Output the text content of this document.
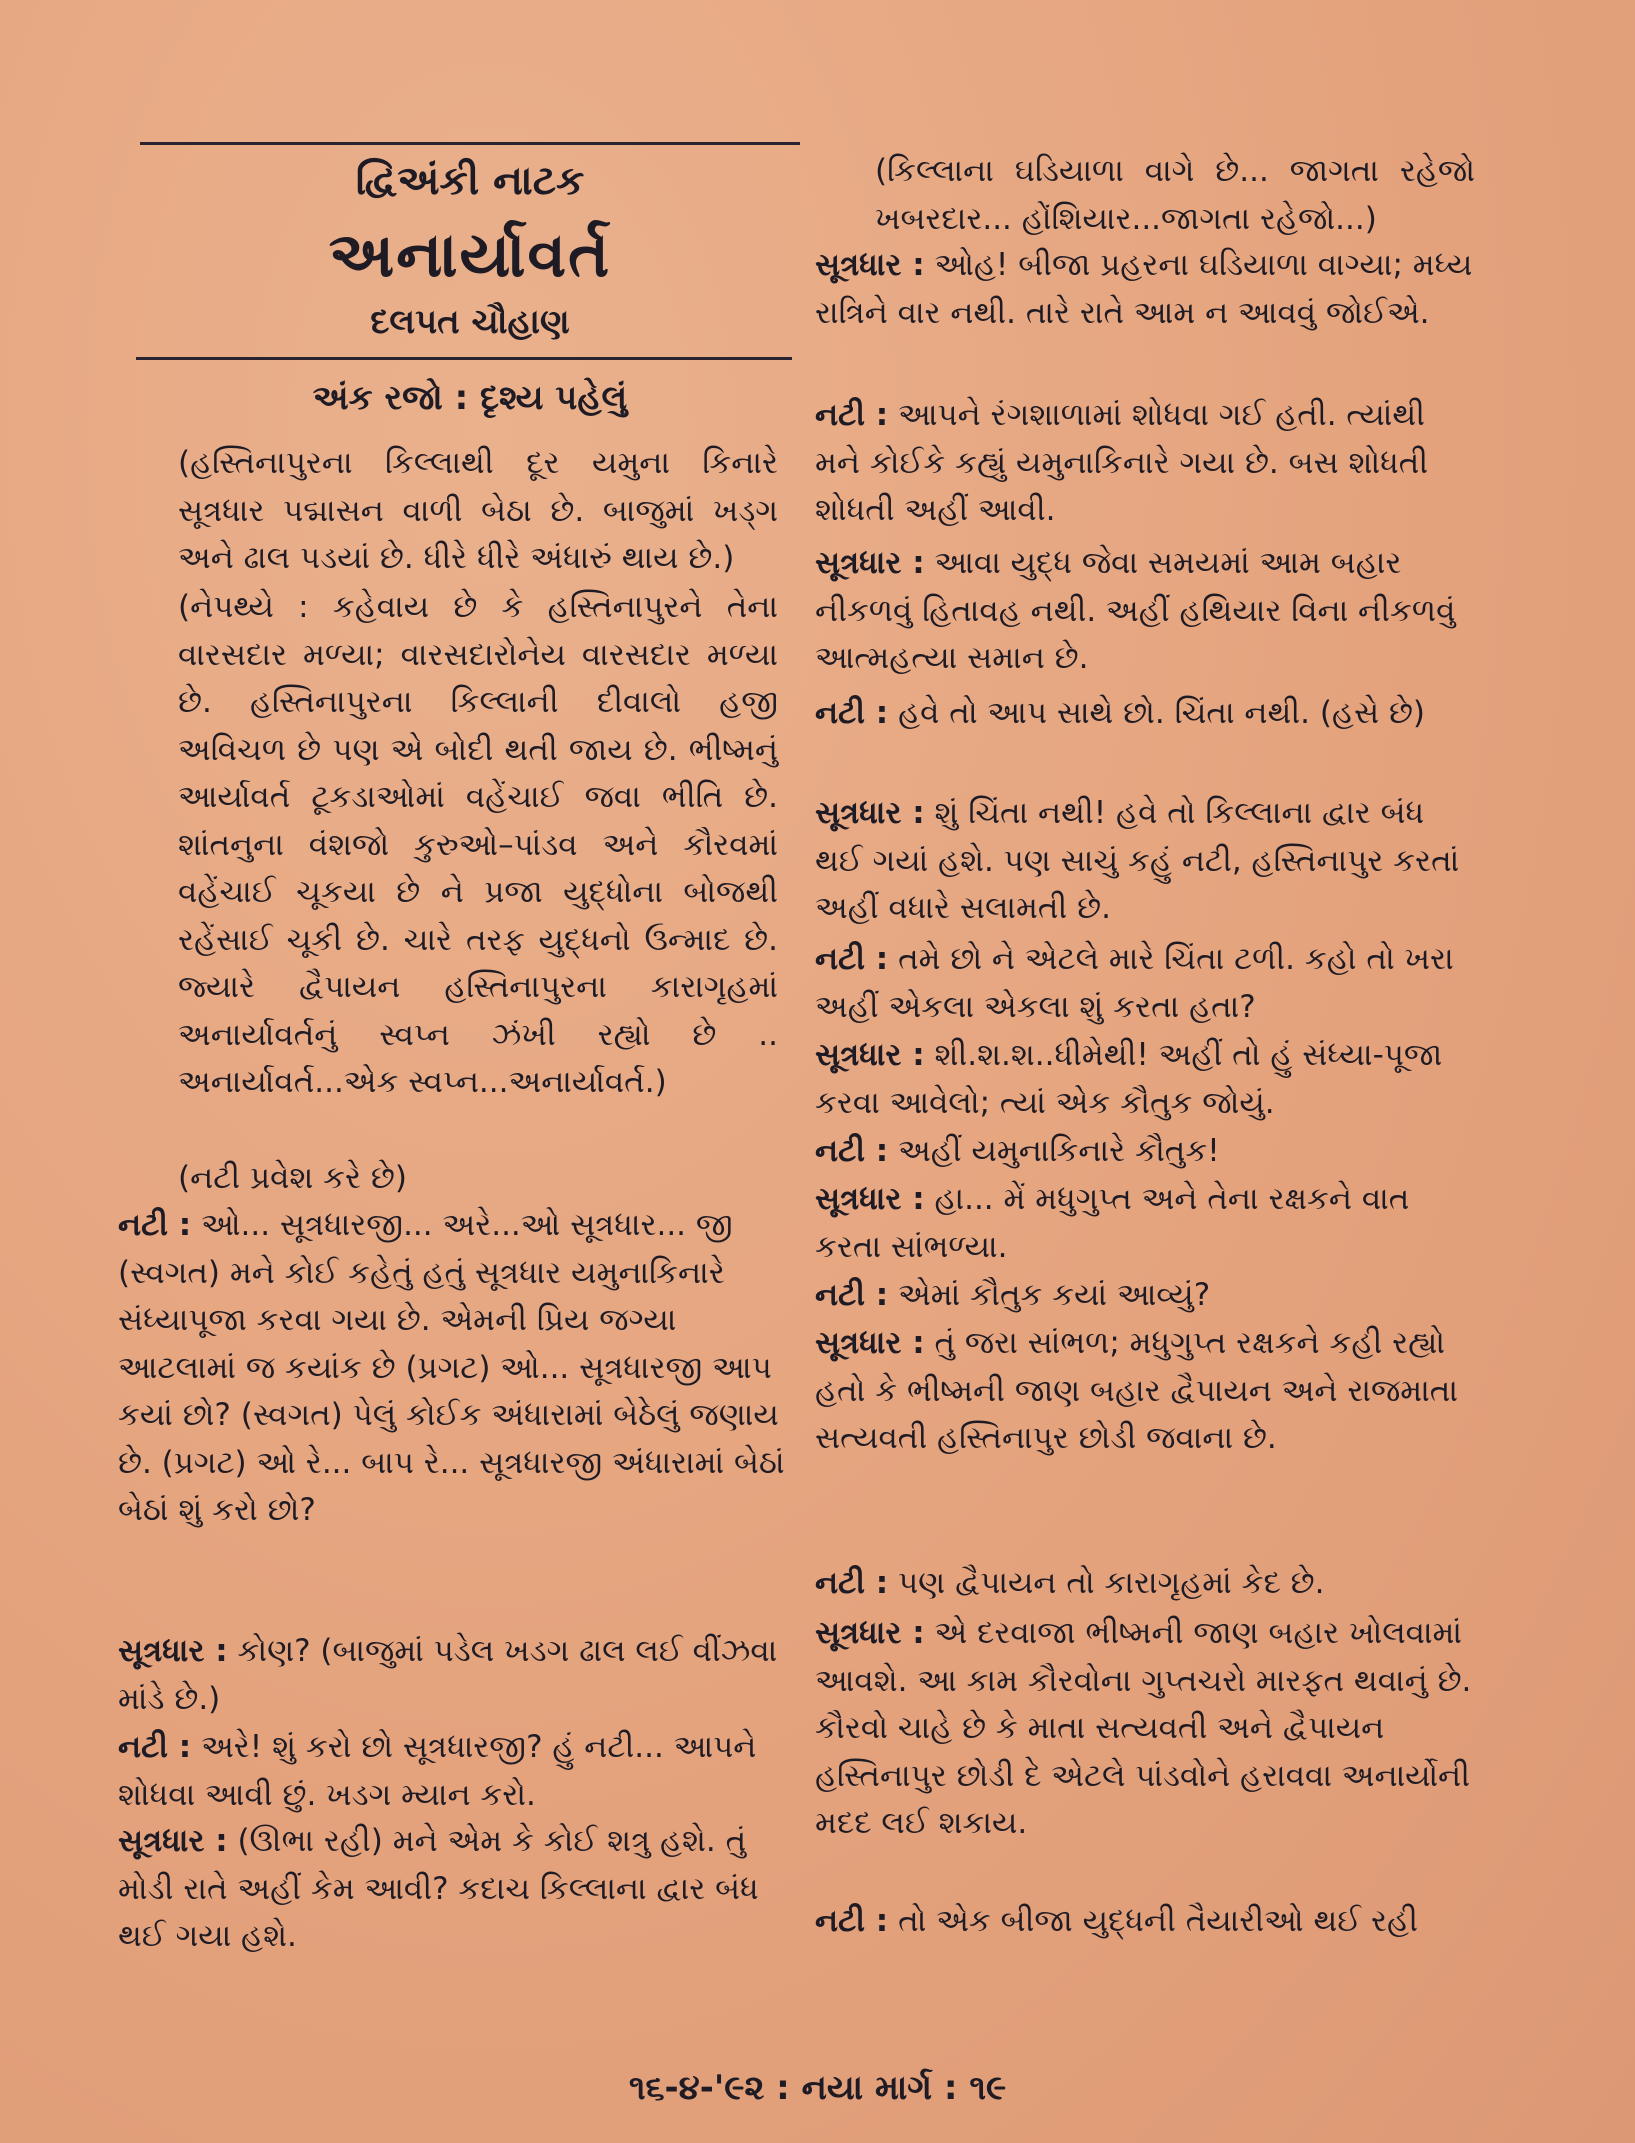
દ્વિઅંકી નાટક
અનાર્યાવર્ત
દલપત ચૌહાણ
અંક રજો : દૃશ્ય પહેલું

(હસ્તિનાપુરના કિલ્લાથી દૂર યમુના કિનારે સૂત્રધાર પદ્માસન વાળી બેઠા છે. બાજુમાં ખડ્ગ અને ઢાલ પડયાં છે. ધીરે ધીરે અંધારું થાય છે.)

(નેપથ્યે : કહેવાય છે કે હસ્તિનાપુરને તેના વારસદાર મળ્યા; વારસદારોનેય વારસદાર મળ્યા છે. હસ્તિનાપુરના કિલ્લાની દીવાલો હજી અવિચળ છે પણ એ બોદી થતી જાય છે. ભીષ્મનું આર્યાવર્ત ટૂકડાઓમાં વહેંચાઈ જવા ભીતિ છે. શાંતનુના વંશજો કુરુઓ–પાંડવ અને કૌરવમાં વહેંચાઈ ચૂકયા છે ને પ્રજા યુદ્ધોના બોજથી રહેંસાઈ ચૂકી છે. ચારે તરફ યુદ્ધનો ઉન્માદ છે. જ્યારે દ્વૈપાયન હસ્તિનાપુરના કારાગૃહમાં અનાર્યાવર્તનું સ્વપ્ન ઝંખી રહ્યો છે .. અનાર્યાવર્ત...એક સ્વપ્ન...અનાર્યાવર્ત.)

(નટી પ્રવેશ કરે છે)

નટી : ઓ... સૂત્રધારજી... અરે...ઓ સૂત્રધાર... જી (સ્વગત) મને કોઈ કહેતું હતું સૂત્રધાર યમુનાકિનારે સંધ્યાપૂજા કરવા ગયા છે. એમની પ્રિય જગ્યા આટલામાં જ કયાંક છે (પ્રગટ) ઓ... સૂત્રધારજી આપ કયાં છો? (સ્વગત) પેલું કોઈક અંધારામાં બેઠેલું જણાય છે. (પ્રગટ) ઓ રે... બાપ રે... સૂત્રધારજી અંધારામાં બેઠાં બેઠાં શું કરો છો?
સૂત્રધાર : કોણ? (બાજુમાં પડેલ ખડગ ઢાલ લઈ વીંઝવા માંડે છે.)
નટી : અરે! શું કરો છો સૂત્રધારજી? હું નટી... આપને શોધવા આવી છું. ખડગ મ્યાન કરો.
સૂત્રધાર : (ઊભા રહી) મને એમ કે કોઈ શત્રુ હશે. તું મોડી રાતે અહીં કેમ આવી? કદાચ કિલ્લાના દ્વાર બંધ થઈ ગયા હશે.

(કિલ્લાના ઘડિયાળા વાગે છે... જાગતા રહેજો ખબરદાર... હોંશિયાર...જાગતા રહેજો...)

સૂત્રધાર : ઓહ! બીજા પ્રહરના ઘડિયાળા વાગ્યા; મધ્ય રાત્રિને વાર નથી. તારે રાતે આમ ન આવવું જોઈએ.
નટી : આપને રંગશાળામાં શોધવા ગઈ હતી. ત્યાંથી મને કોઈકે કહ્યું યમુનાકિનારે ગયા છે. બસ શોધતી શોધતી અહીં આવી.
સૂત્રધાર : આવા યુદ્ધ જેવા સમયમાં આમ બહાર નીકળવું હિતાવહ નથી. અહીં હથિયાર વિના નીકળવું આત્મહત્યા સમાન છે.
નટી : હવે તો આપ સાથે છો. ચિંતા નથી. (હસે છે)
સૂત્રધાર : શું ચિંતા નથી! હવે તો કિલ્લાના દ્વાર બંધ થઈ ગયાં હશે. પણ સાચું કહું નટી, હસ્તિનાપુર કરતાં અહીં વધારે સલામતી છે.
નટી : તમે છો ને એટલે મારે ચિંતા ટળી. કહો તો ખરા અહીં એકલા એકલા શું કરતા હતા?
સૂત્રધાર : શી.શ.શ..ધીમેથી! અહીં તો હું સંધ્યા-પૂજા કરવા આવેલો; ત્યાં એક કૌતુક જોયું.
નટી : અહીં યમુનાકિનારે કૌતુક!
સૂત્રધાર : હા... મેં મધુગુપ્ત અને તેના રક્ષકને વાત કરતા સાંભળ્યા.
નટી : એમાં કૌતુક કયાં આવ્યું?
સૂત્રધાર : તું જરા સાંભળ; મધુગુપ્ત રક્ષકને કહી રહ્યો હતો કે ભીષ્મની જાણ બહાર દ્વૈપાયન અને રાજમાતા સત્યવતી હસ્તિનાપુર છોડી જવાના છે.
નટી : પણ દ્વૈપાયન તો કારાગૃહમાં કેદ છે.
સૂત્રધાર : એ દરવાજા ભીષ્મની જાણ બહાર ખોલવામાં આવશે. આ કામ કૌરવોના ગુપ્તચરો મારફત થવાનું છે. કૌરવો ચાહે છે કે માતા સત્યવતી અને દ્વૈપાયન હસ્તિનાપુર છોડી દે એટલે પાંડવોને હરાવવા અનાર્યોની મદદ લઈ શકાય.
નટી : તો એક બીજા યુદ્ધની તૈયારીઓ થઈ રહી
૧૬-૪-'૯૨ : નયા માર્ગ : ૧૯
